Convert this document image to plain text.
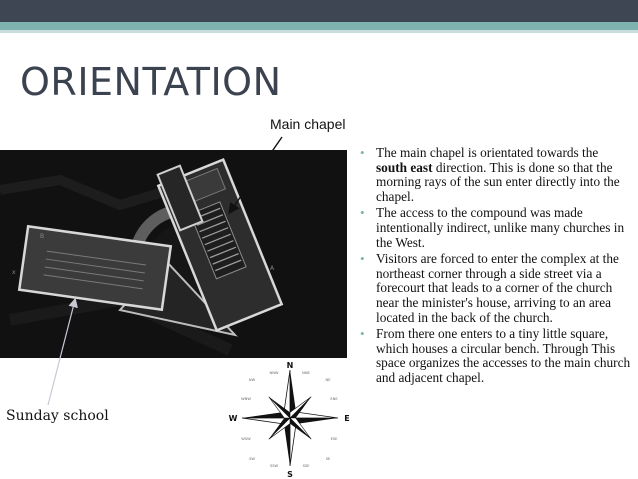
ORIENTATION
B
A
x
N
S
E
W
NW	NE
SW	SE
NNW	NNE
WNW	ENE
WSW	ESE
SSW	SSE
Main chapel
Sunday school
• The main chapel is orientated towards the south east direction. This is done so that the morning rays of the sun enter directly into the chapel.
• The access to the compound was made intentionally indirect, unlike many churches in the West.
• Visitors are forced to enter the complex at the northeast corner through a side street via a forecourt that leads to a corner of the church near the minister's house, arriving to an area located in the back of the church.
• From there one enters to a tiny little square, which houses a circular bench. Through This space organizes the accesses to the main church and adjacent chapel.
